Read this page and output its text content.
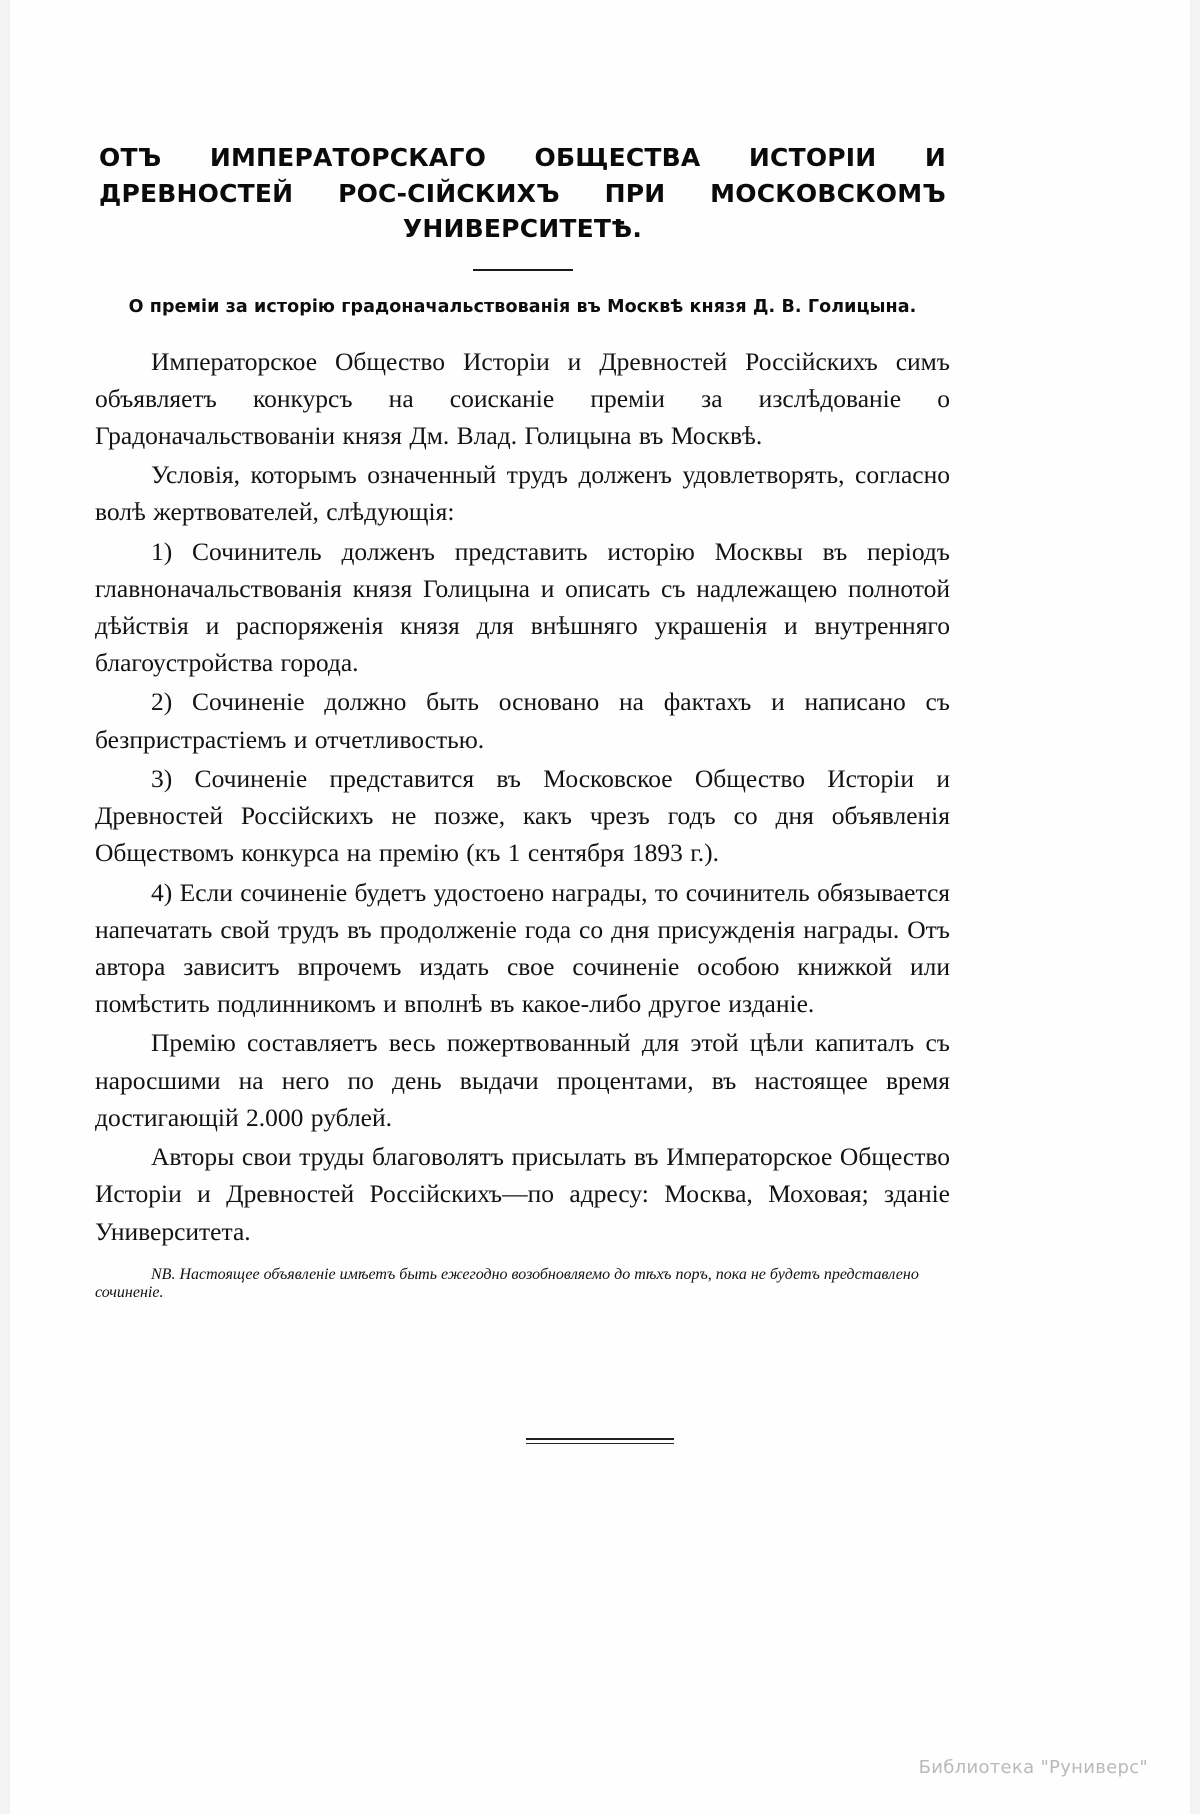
ОТЪ ИМПЕРАТОРСКАГО ОБЩЕСТВА ИСТОРІИ И ДРЕВНОСТЕЙ РОС-СІЙСКИХЪ ПРИ МОСКОВСКОМЪ УНИВЕРСИТЕТѢ.
О преміи за исторію градоначальствованія въ Москвѣ князя Д. В. Голицына.

Императорское Общество Исторіи и Древностей Россійскихъ симъ объявляетъ конкурсъ на соисканіе преміи за изслѣдованіе о Градоначальствованіи князя Дм. Влад. Голицына въ Москвѣ.

Условія, которымъ означенный трудъ долженъ удовлетворять, согласно волѣ жертвователей, слѣдующія:

1) Сочинитель долженъ представить исторію Москвы въ періодъ главноначальствованія князя Голицына и описать съ надлежащею полнотой дѣйствія и распоряженія князя для внѣшняго украшенія и внутренняго благоустройства города.

2) Сочиненіе должно быть основано на фактахъ и написано съ безпристрастіемъ и отчетливостью.

3) Сочиненіе представится въ Московское Общество Исторіи и Древностей Россійскихъ не позже, какъ чрезъ годъ со дня объявленія Обществомъ конкурса на премію (къ 1 сентября 1893 г.).

4) Если сочиненіе будетъ удостоено награды, то сочинитель обязывается напечатать свой трудъ въ продолженіе года со дня присужденія награды. Отъ автора зависитъ впрочемъ издать свое сочиненіе особою книжкой или помѣстить подлинникомъ и вполнѣ въ какое-либо другое изданіе.

Премію составляетъ весь пожертвованный для этой цѣли капиталъ съ наросшими на него по день выдачи процентами, въ настоящее время достигающій 2.000 рублей.

Авторы свои труды благоволятъ присылать въ Императорское Общество Исторіи и Древностей Россійскихъ—по адресу: Москва, Моховая; зданіе Университета.

NB. Настоящее объявленіе имѣетъ быть ежегодно возобновляемо до тѣхъ поръ, пока не будетъ представлено сочиненіе.

Библиотека "Руниверс"
